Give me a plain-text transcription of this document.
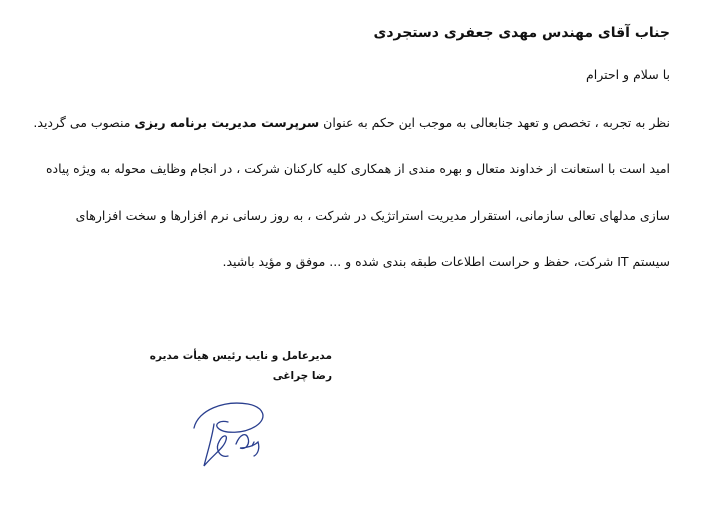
جناب آقای مهندس مهدی جعفری دستجردی
با سلام و احترام
نظر به تجربه ، تخصص و تعهد جنابعالی به موجب این حکم به عنوان سرپرست مدیریت برنامه ریزی منصوب می گردید.
امید است با استعانت از خداوند متعال و بهره مندی از همکاری کلیه کارکنان شرکت ، در انجام وظایف محوله به ویژه پیاده
سازی مدلهای تعالی سازمانی، استقرار مدیریت استراتژیک در شرکت ، به روز رسانی نرم افزارها و سخت افزارهای
سیستم IT شرکت، حفظ و حراست اطلاعات طبقه بندی شده و ... موفق و مؤید باشید.
مدیرعامل و نایب رئیس هیأت مدیره
رضا چراغی
